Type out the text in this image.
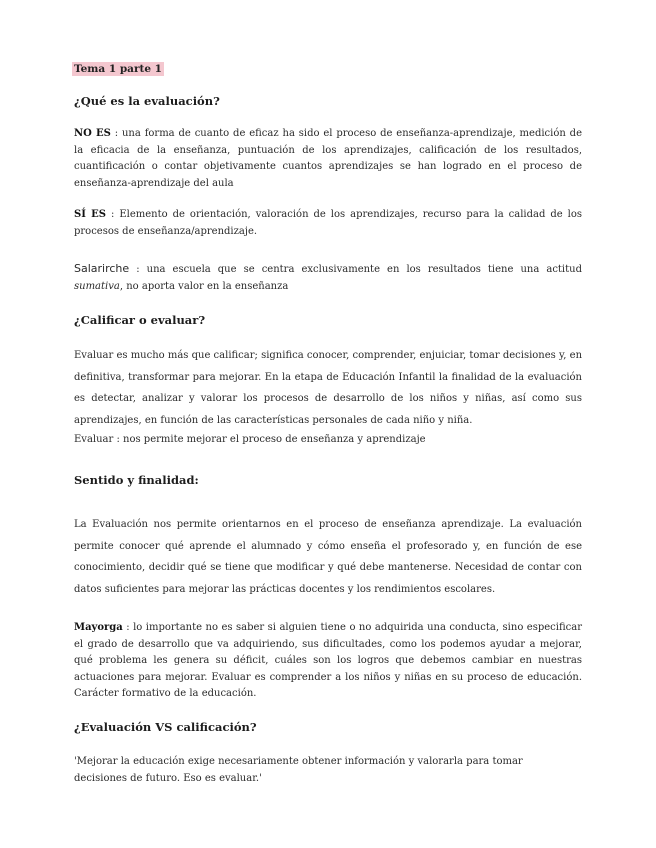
Tema 1 parte 1
¿Qué es la evaluación?

NO ES : una forma de cuanto de eficaz ha sido el proceso de enseñanza-aprendizaje, medición de la eficacia de la enseñanza, puntuación de los aprendizajes, calificación de los resultados, cuantificación o contar objetivamente cuantos aprendizajes se han logrado en el proceso de enseñanza-aprendizaje del aula

SÍ ES : Elemento de orientación, valoración de los aprendizajes, recurso para la calidad de los procesos de enseñanza/aprendizaje.

Salarirche : una escuela que se centra exclusivamente en los resultados tiene una actitud sumativa, no aporta valor en la enseñanza

¿Calificar o evaluar?

Evaluar es mucho más que calificar; significa conocer, comprender, enjuiciar, tomar decisiones y, en definitiva, transformar para mejorar. En la etapa de Educación Infantil la finalidad de la evaluación es detectar, analizar y valorar los procesos de desarrollo de los niños y niñas, así como sus aprendizajes, en función de las características personales de cada niño y niña.

Evaluar : nos permite mejorar el proceso de enseñanza y aprendizaje

Sentido y finalidad:

La Evaluación nos permite orientarnos en el proceso de enseñanza aprendizaje. La evaluación permite conocer qué aprende el alumnado y cómo enseña el profesorado y, en función de ese conocimiento, decidir qué se tiene que modificar y qué debe mantenerse. Necesidad de contar con datos suficientes para mejorar las prácticas docentes y los rendimientos escolares.

Mayorga : lo importante no es saber si alguien tiene o no adquirida una conducta, sino especificar el grado de desarrollo que va adquiriendo, sus dificultades, como los podemos ayudar a mejorar, qué problema les genera su déficit, cuáles son los logros que debemos cambiar en nuestras actuaciones para mejorar. Evaluar es comprender a los niños y niñas en su proceso de educación. Carácter formativo de la educación.

¿Evaluación VS calificación?

'Mejorar la educación exige necesariamente obtener información y valorarla para tomar

decisiones de futuro. Eso es evaluar.'
